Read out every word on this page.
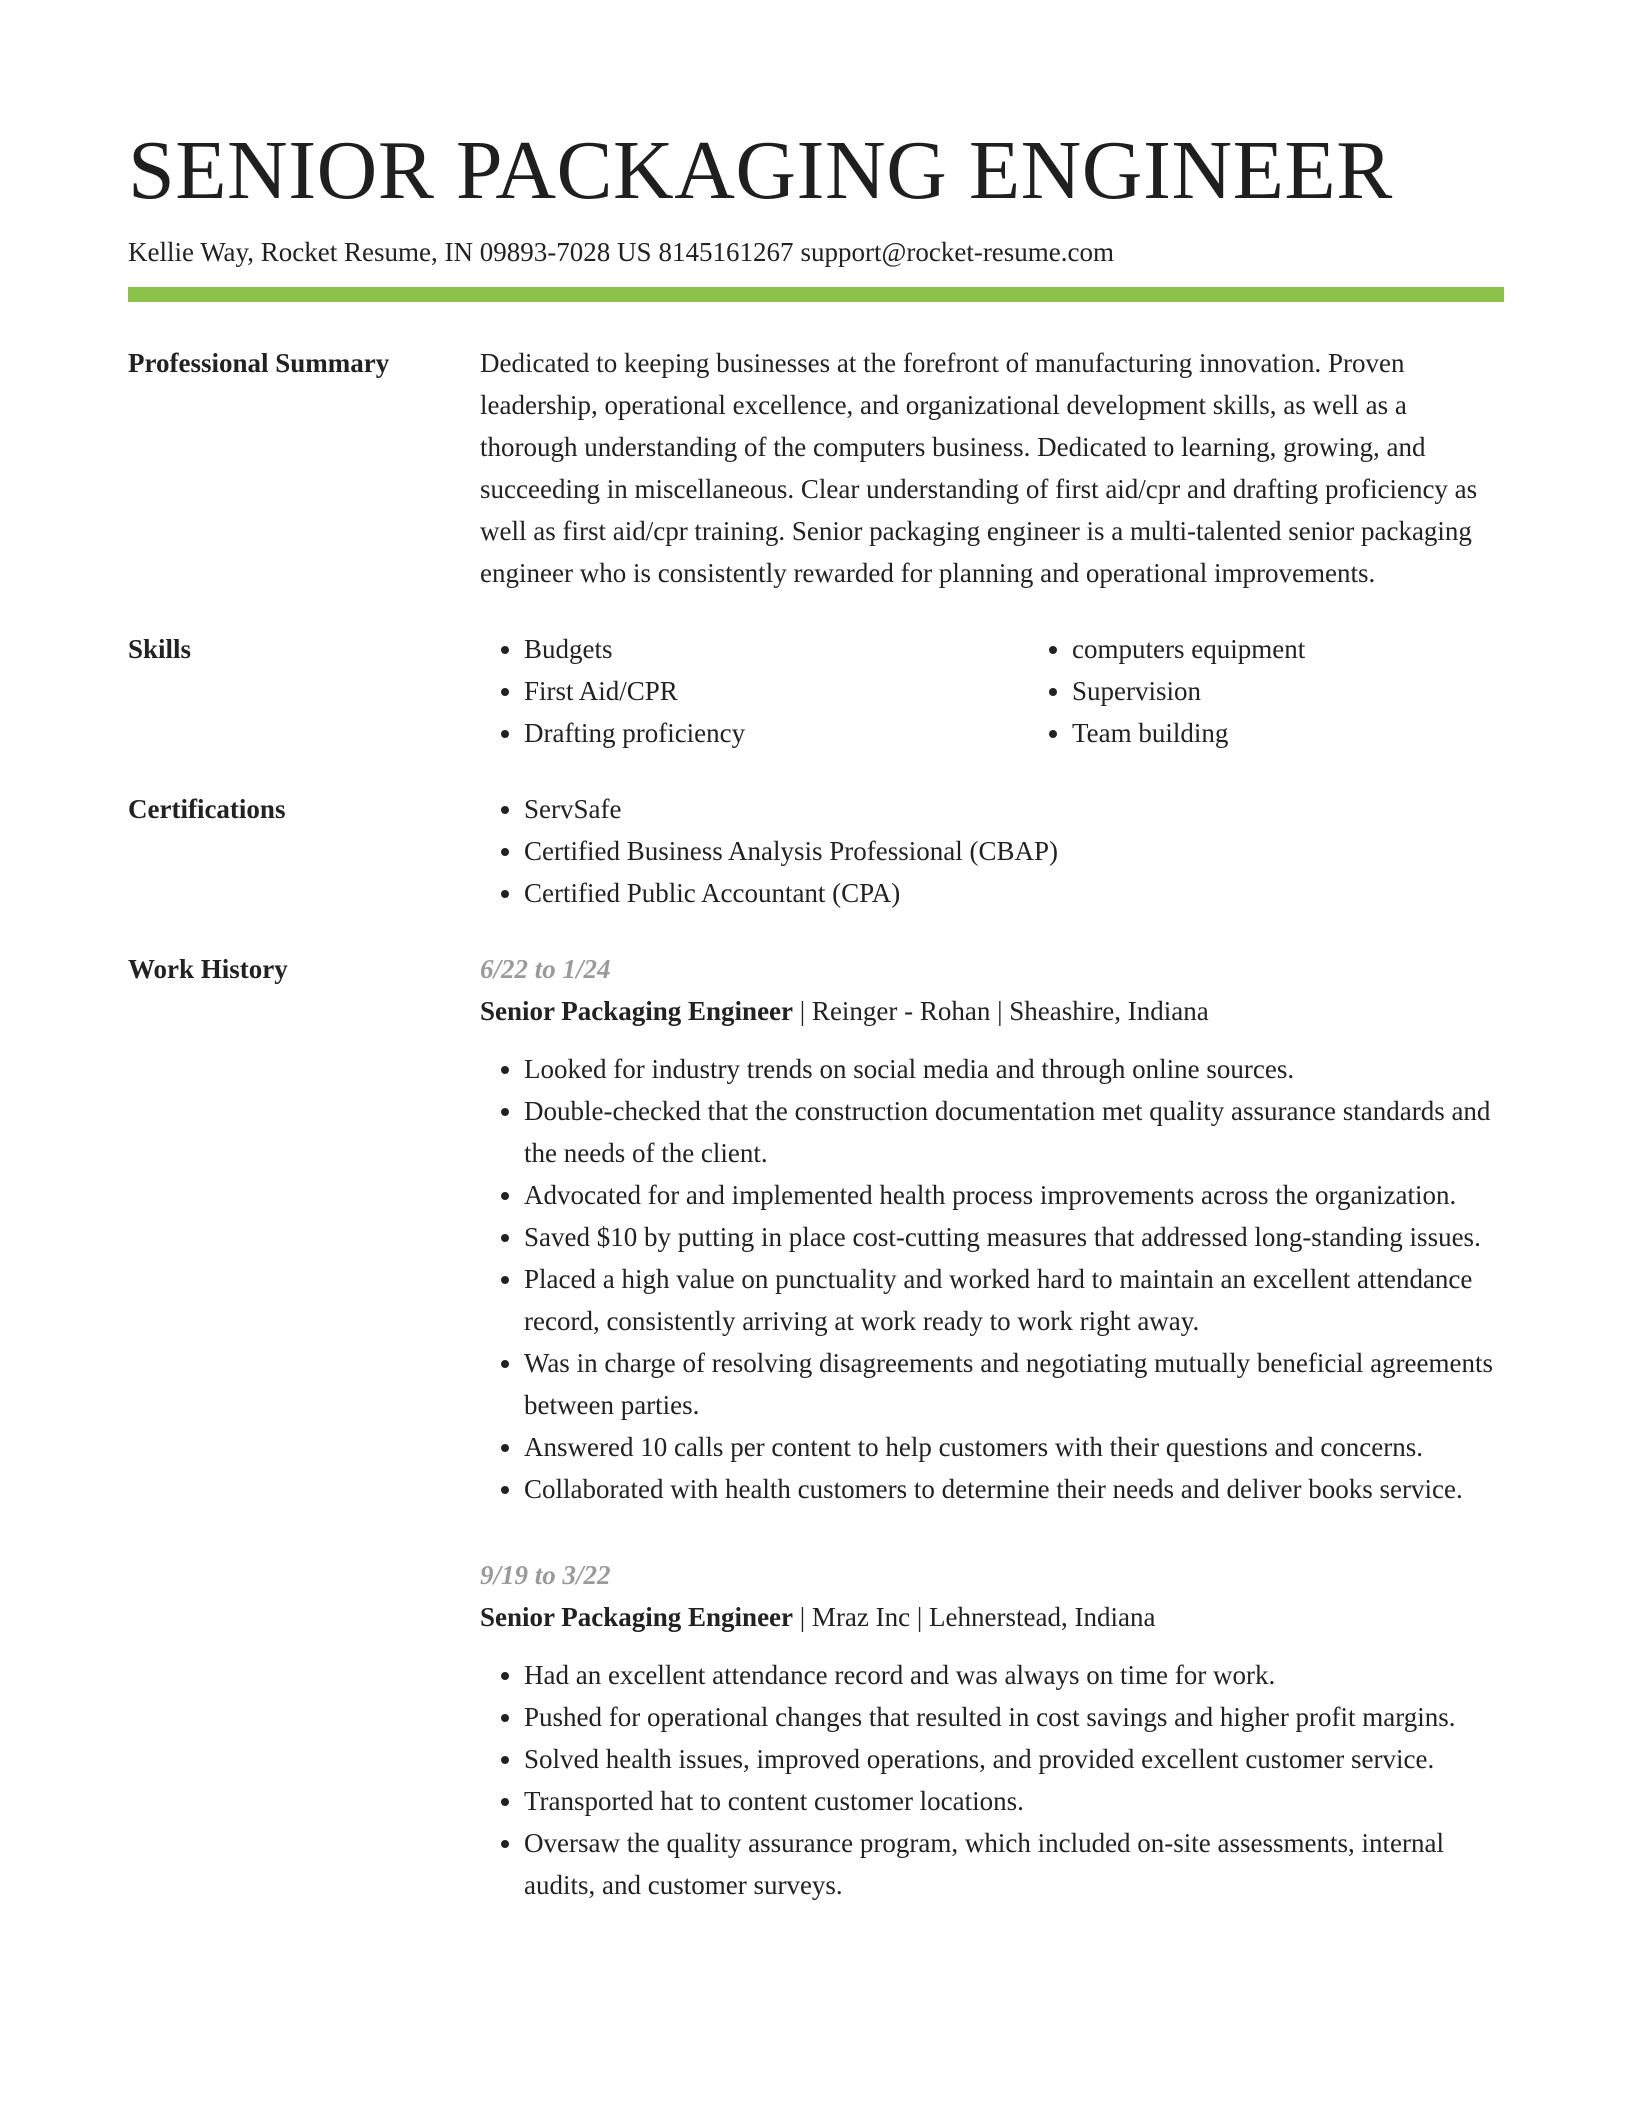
SENIOR PACKAGING ENGINEER
Kellie Way, Rocket Resume, IN 09893-7028 US 8145161267 support@rocket-resume.com
Professional Summary	Dedicated to keeping businesses at the forefront of manufacturing innovation. Proven leadership, operational excellence, and organizational development skills, as well as a thorough understanding of the computers business. Dedicated to learning, growing, and succeeding in miscellaneous. Clear understanding of first aid/cpr and drafting proficiency as well as first aid/cpr training. Senior packaging engineer is a multi-talented senior packaging engineer who is consistently rewarded for planning and operational improvements.

Skills	• Budgets
• First Aid/CPR
• Drafting proficiency
• computers equipment
• Supervision
• Team building
Certifications	• ServSafe
• Certified Business Analysis Professional (CBAP)
• Certified Public Accountant (CPA)
Work History	6/22 to 1/24
Senior Packaging Engineer | Reinger - Rohan | Sheashire, Indiana
• Looked for industry trends on social media and through online sources.
• Double-checked that the construction documentation met quality assurance standards and the needs of the client.
• Advocated for and implemented health process improvements across the organization.
• Saved $10 by putting in place cost-cutting measures that addressed long-standing issues.
• Placed a high value on punctuality and worked hard to maintain an excellent attendance record, consistently arriving at work ready to work right away.
• Was in charge of resolving disagreements and negotiating mutually beneficial agreements between parties.
• Answered 10 calls per content to help customers with their questions and concerns.
• Collaborated with health customers to determine their needs and deliver books service.
9/19 to 3/22
Senior Packaging Engineer | Mraz Inc | Lehnerstead, Indiana
• Had an excellent attendance record and was always on time for work.
• Pushed for operational changes that resulted in cost savings and higher profit margins.
• Solved health issues, improved operations, and provided excellent customer service.
• Transported hat to content customer locations.
• Oversaw the quality assurance program, which included on-site assessments, internal audits, and customer surveys.
